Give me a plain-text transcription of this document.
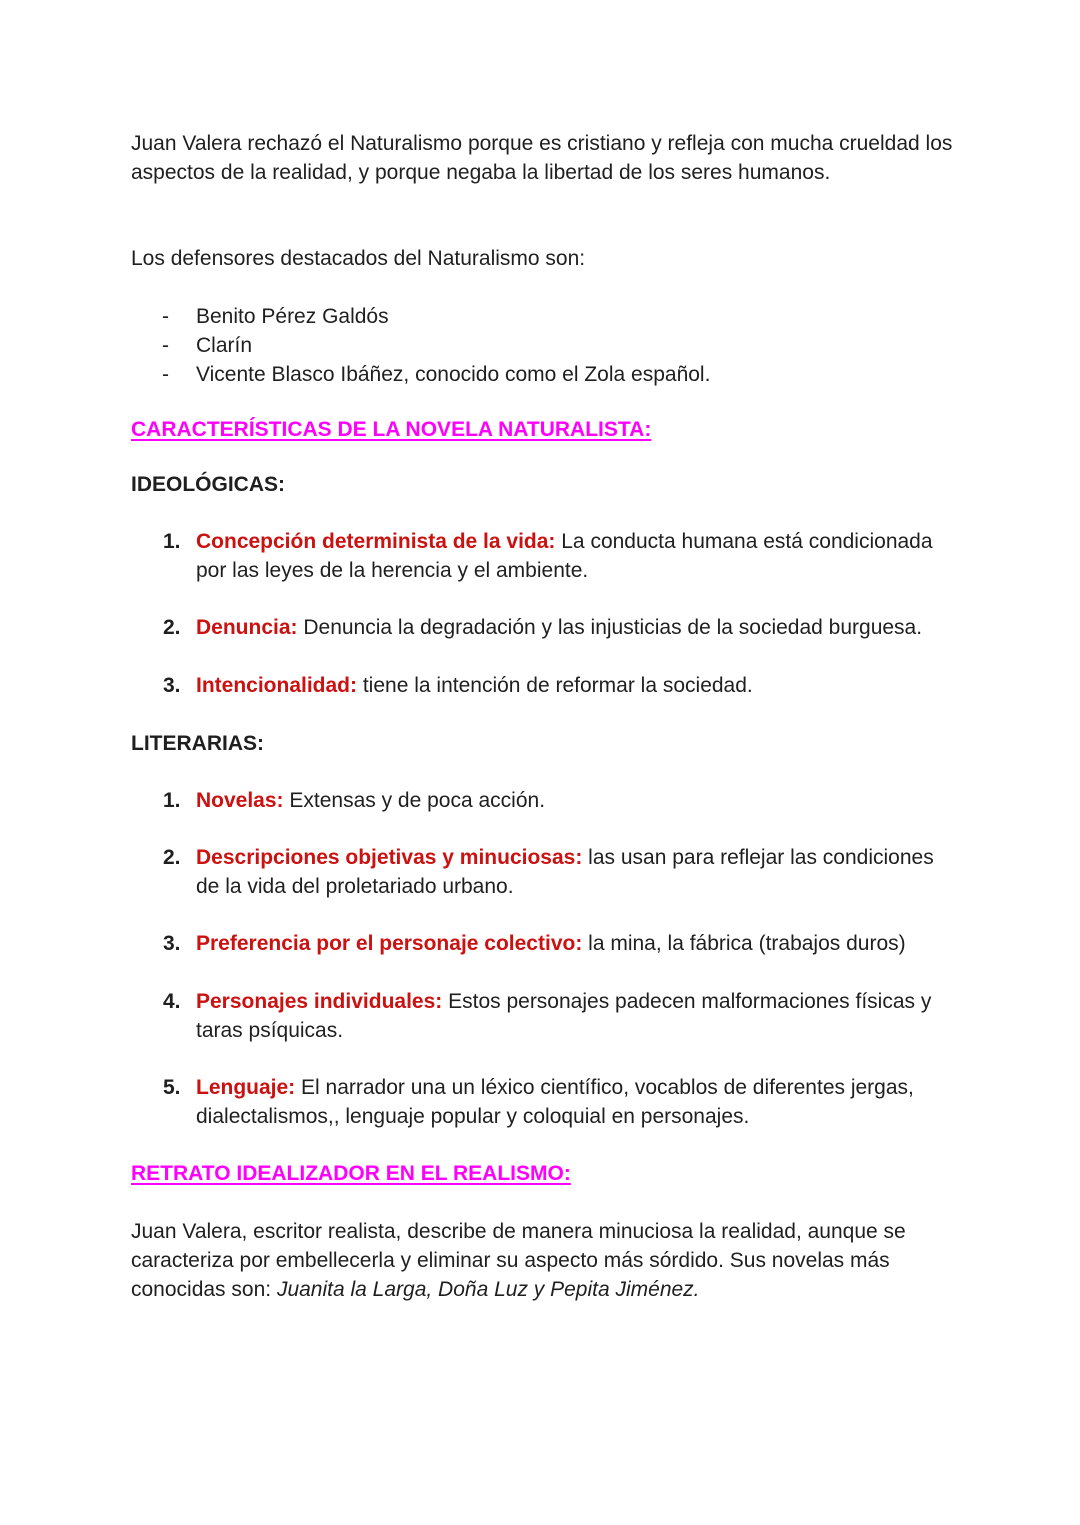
Juan Valera rechazó el Naturalismo porque es cristiano y refleja con mucha crueldad los aspectos de la realidad, y porque negaba la libertad de los seres humanos.

Los defensores destacados del Naturalismo son:

- Benito Pérez Galdós
- Clarín
- Vicente Blasco Ibáñez, conocido como el Zola español.
CARACTERÍSTICAS DE LA NOVELA NATURALISTA:
IDEOLÓGICAS:
1. Concepción determinista de la vida: La conducta humana está condicionada por las leyes de la herencia y el ambiente.
2. Denuncia: Denuncia la degradación y las injusticias de la sociedad burguesa.
3. Intencionalidad: tiene la intención de reformar la sociedad.
LITERARIAS:
1. Novelas: Extensas y de poca acción.
2. Descripciones objetivas y minuciosas: las usan para reflejar las condiciones de la vida del proletariado urbano.
3. Preferencia por el personaje colectivo: la mina, la fábrica (trabajos duros)
4. Personajes individuales: Estos personajes padecen malformaciones físicas y taras psíquicas.
5. Lenguaje: El narrador una un léxico científico, vocablos de diferentes jergas, dialectalismos,, lenguaje popular y coloquial en personajes.
RETRATO IDEALIZADOR EN EL REALISMO:

Juan Valera, escritor realista, describe de manera minuciosa la realidad, aunque se caracteriza por embellecerla y eliminar su aspecto más sórdido. Sus novelas más conocidas son: Juanita la Larga, Doña Luz y Pepita Jiménez.
